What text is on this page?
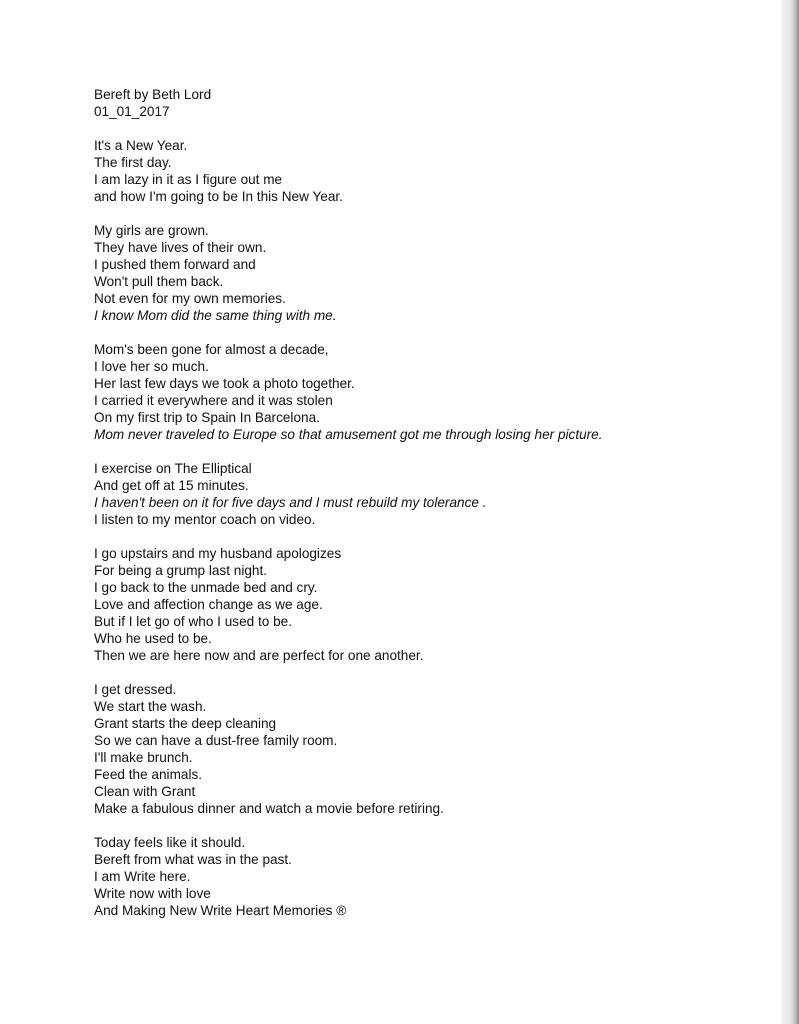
Bereft by Beth Lord
01_01_2017
It's a New Year.
The first day.
I am lazy in it as I figure out me
and how I'm going to be In this New Year.
My girls are grown.
They have lives of their own.
I pushed them forward and
Won't pull them back.
Not even for my own memories.
I know Mom did the same thing with me.
Mom's been gone for almost a decade,
I love her so much.
Her last few days we took a photo together.
I carried it everywhere and it was stolen
On my first trip to Spain In Barcelona.
Mom never traveled to Europe so that amusement got me through losing her picture.
I exercise on The Elliptical
And get off at 15 minutes.
I haven't been on it for five days and I must rebuild my tolerance .
I listen to my mentor coach on video.
I go upstairs and my husband apologizes
For being a grump last night.
I go back to the unmade bed and cry.
Love and affection change as we age.
But if I let go of who I used to be.
Who he used to be.
Then we are here now and are perfect for one another.
I get dressed.
We start the wash.
Grant starts the deep cleaning
So we can have a dust-free family room.
I'll make brunch.
Feed the animals.
Clean with Grant
Make a fabulous dinner and watch a movie before retiring.
Today feels like it should.
Bereft from what was in the past.
I am Write here.
Write now with love
And Making New Write Heart Memories ®
